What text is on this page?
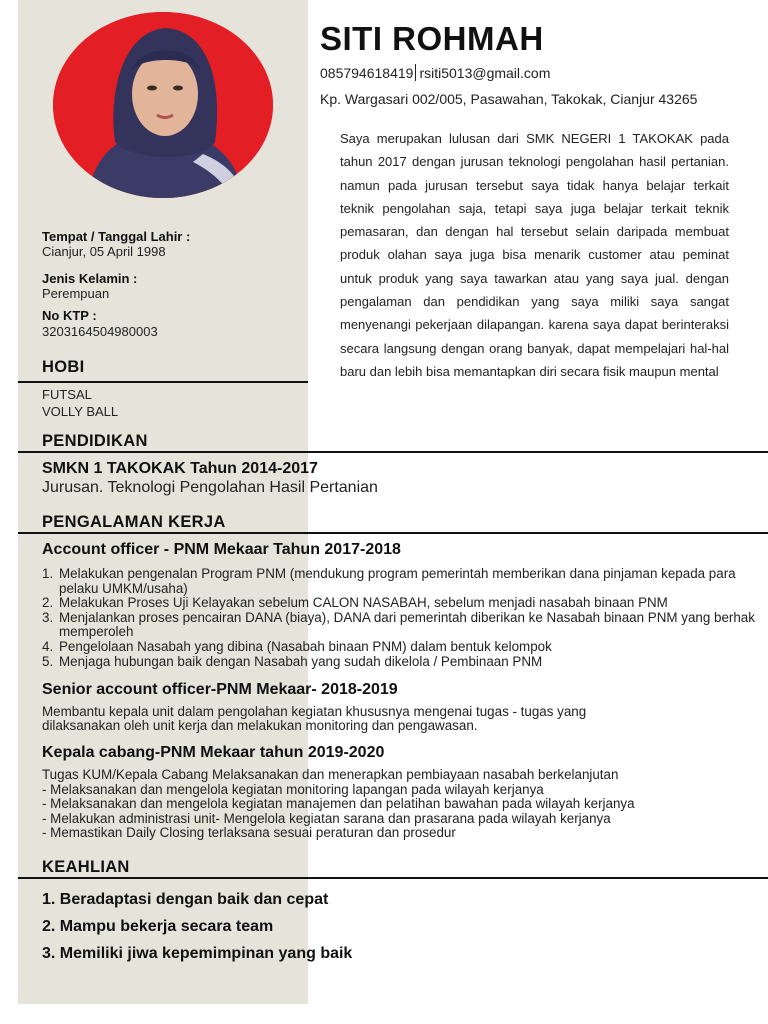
SITI ROHMAH
085794618419 rsiti5013@gmail.com
Kp. Wargasari 002/005, Pasawahan, Takokak, Cianjur 43265
Saya merupakan lulusan dari SMK NEGERI 1 TAKOKAK pada tahun 2017 dengan jurusan teknologi pengolahan hasil pertanian. namun pada jurusan tersebut saya tidak hanya belajar terkait teknik pengolahan saja, tetapi saya juga belajar terkait teknik pemasaran, dan dengan hal tersebut selain daripada membuat produk olahan saya juga bisa menarik customer atau peminat untuk produk yang saya tawarkan atau yang saya jual. dengan pengalaman dan pendidikan yang saya miliki saya sangat menyenangi pekerjaan dilapangan. karena saya dapat berinteraksi secara langsung dengan orang banyak, dapat mempelajari hal-hal baru dan lebih bisa memantapkan diri secara fisik maupun mental
Tempat / Tanggal Lahir :
Cianjur, 05 April 1998
Jenis Kelamin :
Perempuan
No KTP :
3203164504980003
HOBI
FUTSAL
VOLLY BALL
PENDIDIKAN
SMKN 1 TAKOKAK Tahun 2014-2017
Jurusan. Teknologi Pengolahan Hasil Pertanian
PENGALAMAN KERJA
Account officer - PNM Mekaar Tahun 2017-2018
1. Melakukan pengenalan Program PNM (mendukung program pemerintah memberikan dana pinjaman kepada para pelaku UMKM/usaha)
2. Melakukan Proses Uji Kelayakan sebelum CALON NASABAH, sebelum menjadi nasabah binaan PNM
3. Menjalankan proses pencairan DANA (biaya), DANA dari pemerintah diberikan ke Nasabah binaan PNM yang berhak memperoleh
4. Pengelolaan Nasabah yang dibina (Nasabah binaan PNM) dalam bentuk kelompok
5. Menjaga hubungan baik dengan Nasabah yang sudah dikelola / Pembinaan PNM
Senior account officer-PNM Mekaar- 2018-2019
Membantu kepala unit dalam pengolahan kegiatan khususnya mengenai tugas - tugas yang
dilaksanakan oleh unit kerja dan melakukan monitoring dan pengawasan.
Kepala cabang-PNM Mekaar tahun 2019-2020
Tugas KUM/Kepala Cabang Melaksanakan dan menerapkan pembiayaan nasabah berkelanjutan
- Melaksanakan dan mengelola kegiatan monitoring lapangan pada wilayah kerjanya
- Melaksanakan dan mengelola kegiatan manajemen dan pelatihan bawahan pada wilayah kerjanya
- Melakukan administrasi unit- Mengelola kegiatan sarana dan prasarana pada wilayah kerjanya
- Memastikan Daily Closing terlaksana sesuai peraturan dan prosedur
KEAHLIAN
1. Beradaptasi dengan baik dan cepat
2. Mampu bekerja secara team
3. Memiliki jiwa kepemimpinan yang baik
